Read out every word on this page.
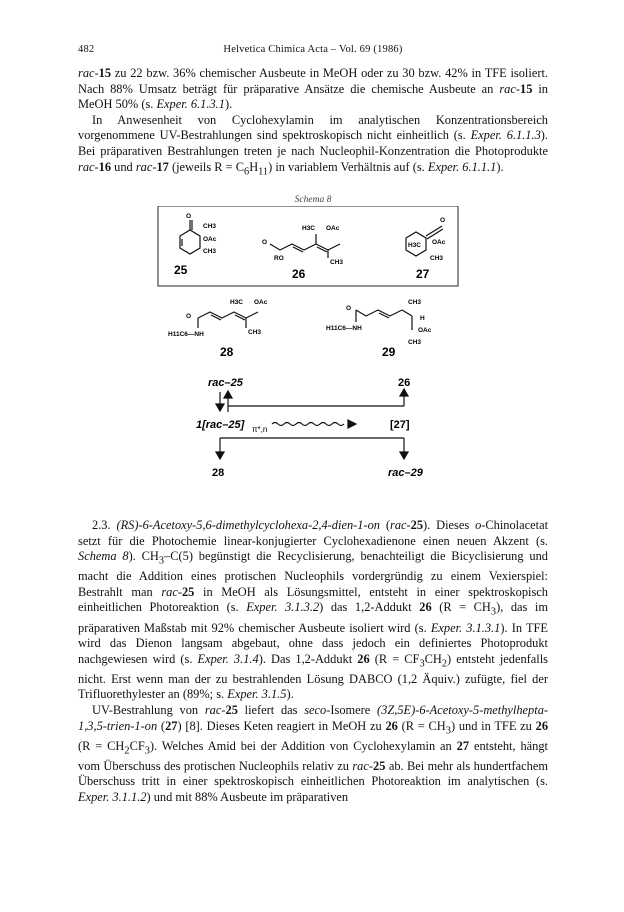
482	Helvetica Chimica Acta – Vol. 69 (1986)

rac-15 zu 22 bzw. 36% chemischer Ausbeute in MeOH oder zu 30 bzw. 42% in TFE isoliert. Nach 88% Umsatz beträgt für präparative Ansätze die chemische Ausbeute an rac-15 in MeOH 50% (s. Exper. 6.1.3.1).

In Anwesenheit von Cyclohexylamin im analytischen Konzentrationsbereich vorgenommene UV-Bestrahlungen sind spektroskopisch nicht einheitlich (s. Exper. 6.1.1.3). Bei präparativen Bestrahlungen treten je nach Nucleophil-Konzentration die Photoprodukte rac-16 und rac-17 (jeweils $R = C_6H_{11}$) in variablem Verhältnis auf (s. Exper. 6.1.1.1).

Schema 8
O
CH3
OAc
CH3
25
H3C OAc
O
RO
CH3
26
O
OAc
H3C
CH3
27
H3C OAc
O
H11C6—NH	CH3
28
O
CH3
H11C6—NH
H
OAc
CH3
29
rac–25	26
1[rac–25] π*,n	[27]
28	rac–29

2.3. (RS)-6-Acetoxy-5,6-dimethylcyclohexa-2,4-dien-1-on (rac-25). Dieses o-Chinolacetat setzt für die Photochemie linear-konjugierter Cyclohexadienone einen neuen Akzent (s. Schema 8). $CH_3-C(5)$ begünstigt die Recyclisierung, benachteiligt die Bicyclisierung und macht die Addition eines protischen Nucleophils vordergründig zu einem Vexierspiel: Bestrahlt man rac-25 in MeOH als Lösungsmittel, entsteht in einer spektroskopisch einheitlichen Photoreaktion (s. Exper. 3.1.3.2) das 1,2-Addukt 26 $(R = CH_3)$, das im präparativen Maßstab mit 92% chemischer Ausbeute isoliert wird (s. Exper. 3.1.3.1). In TFE wird das Dienon langsam abgebaut, ohne dass jedoch ein definiertes Photoprodukt nachgewiesen wird (s. Exper. 3.1.4). Das 1,2-Addukt 26 $(R = CF_3CH_2)$ entsteht jedenfalls nicht. Erst wenn man der zu bestrahlenden Lösung DABCO (1,2 Äquiv.) zufügte, fiel der Trifluorethylester an (89%; s. Exper. 3.1.5).

UV-Bestrahlung von rac-25 liefert das seco-Isomere (3Z,5E)-6-Acetoxy-5-methylhepta-1,3,5-trien-1-on (27) [8]. Dieses Keten reagiert in MeOH zu 26 $(R = CH_3)$ und in TFE zu 26 $(R = CH_2CF_3)$. Welches Amid bei der Addition von Cyclohexylamin an 27 entsteht, hängt vom Überschuss des protischen Nucleophils relativ zu rac-25 ab. Bei mehr als hundertfachem Überschuss tritt in einer spektroskopisch einheitlichen Photoreaktion im analytischen (s. Exper. 3.1.1.2) und mit 88% Ausbeute im präparativen
